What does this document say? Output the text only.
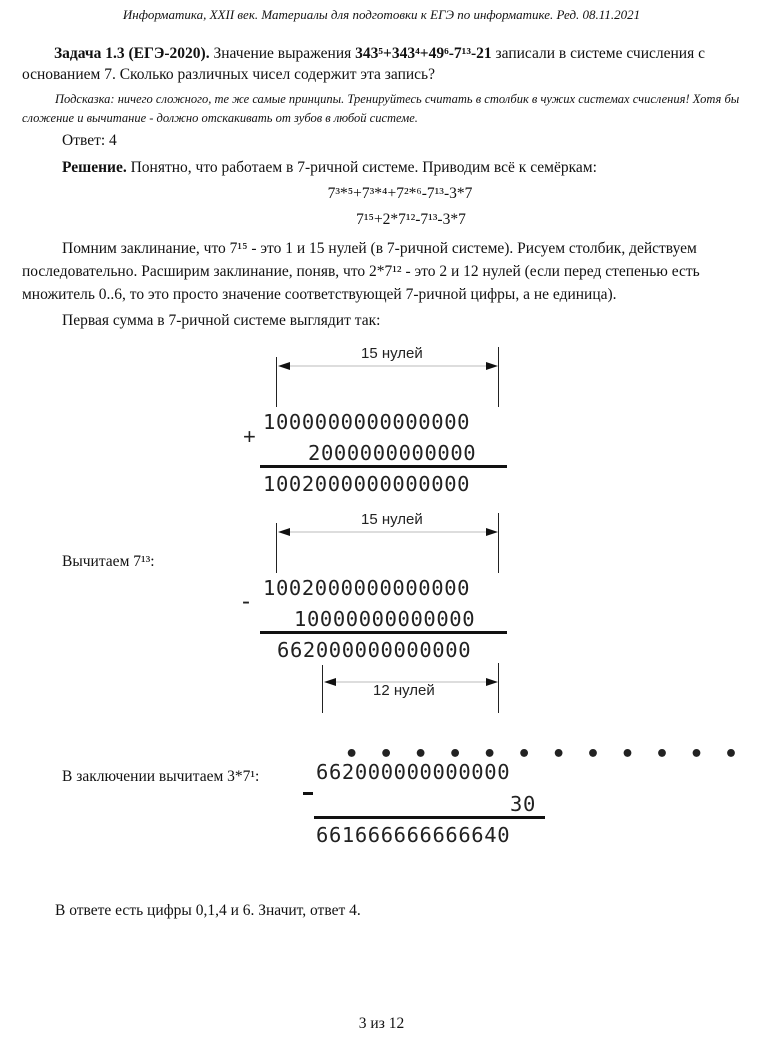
Информатика, XXII век. Материалы для подготовки к ЕГЭ по информатике. Ред. 08.11.2021
Задача 1.3 (ЕГЭ-2020). Значение выражения 343⁵+343⁴+49⁶-7¹³-21 записали в системе счисления с основанием 7. Сколько различных чисел содержит эта запись?
Подсказка: ничего сложного, те же самые принципы. Тренируйтесь считать в столбик в чужих системах счисления! Хотя бы сложение и вычитание - должно отскакивать от зубов в любой системе.
Ответ: 4
Решение. Понятно, что работаем в 7-ричной системе. Приводим всё к семёркам:
7³*⁵+7³*⁴+7²*⁶-7¹³-3*7
7¹⁵+2*7¹²-7¹³-3*7
Помним заклинание, что 7¹⁵ - это 1 и 15 нулей (в 7-ричной системе). Рисуем столбик, действуем последовательно. Расширим заклинание, поняв, что 2*7¹² - это 2 и 12 нулей (если перед степенью есть множитель 0..6, то это просто значение соответствующей 7-ричной цифры, а не единица).
Первая сумма в 7-ричной системе выглядит так:
15 нулей
1000000000000000
+
2000000000000
1002000000000000
Вычитаем 7¹³:
15 нулей
1002000000000000
-
10000000000000
662000000000000
12 нулей
В заключении вычитаем 3*7¹:
• • • • • • • • • • • •
662000000000000
30
661666666666640
В ответе есть цифры 0,1,4 и 6. Значит, ответ 4.
3 из 12
